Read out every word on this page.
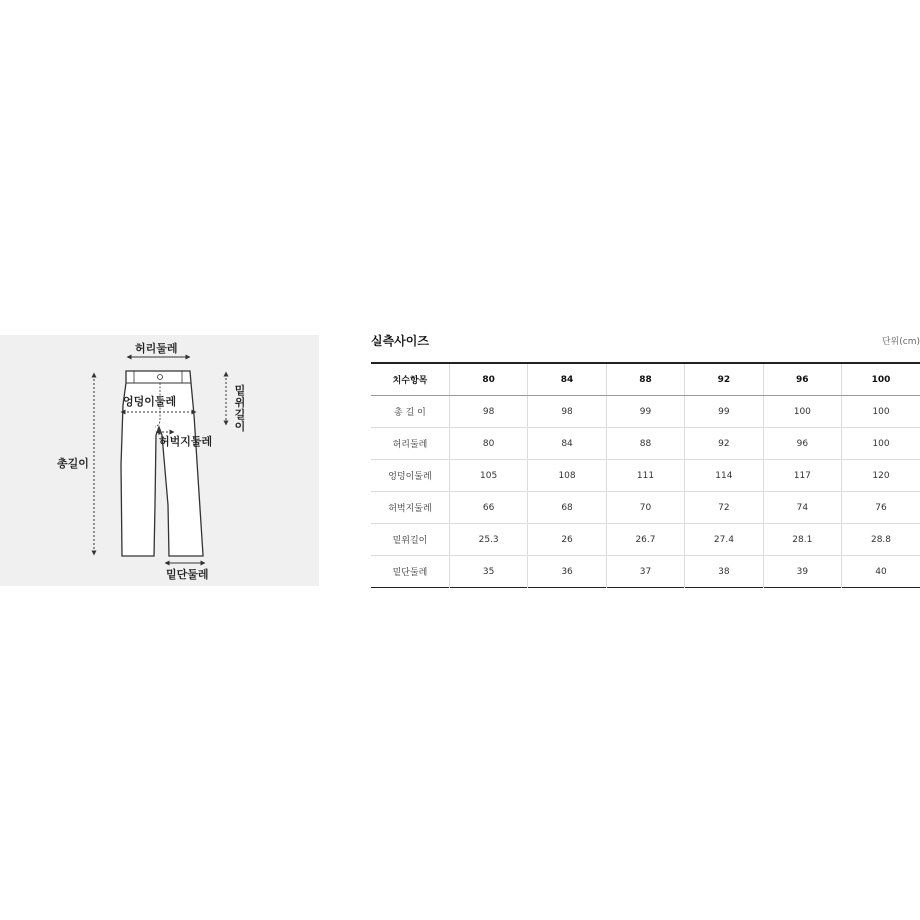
허리둘레
밑위길이
엉덩이둘레
허벅지둘레
총길이
밑단둘레
실측사이즈	단위(cm)
치수항목	80	84	88	92	96	100
총 길 이	98	98	99	99	100	100
허리둘레	80	84	88	92	96	100
엉덩이둘레	105	108	111	114	117	120
허벅지둘레	66	68	70	72	74	76
밑위길이	25.3	26	26.7	27.4	28.1	28.8
밑단둘레	35	36	37	38	39	40
